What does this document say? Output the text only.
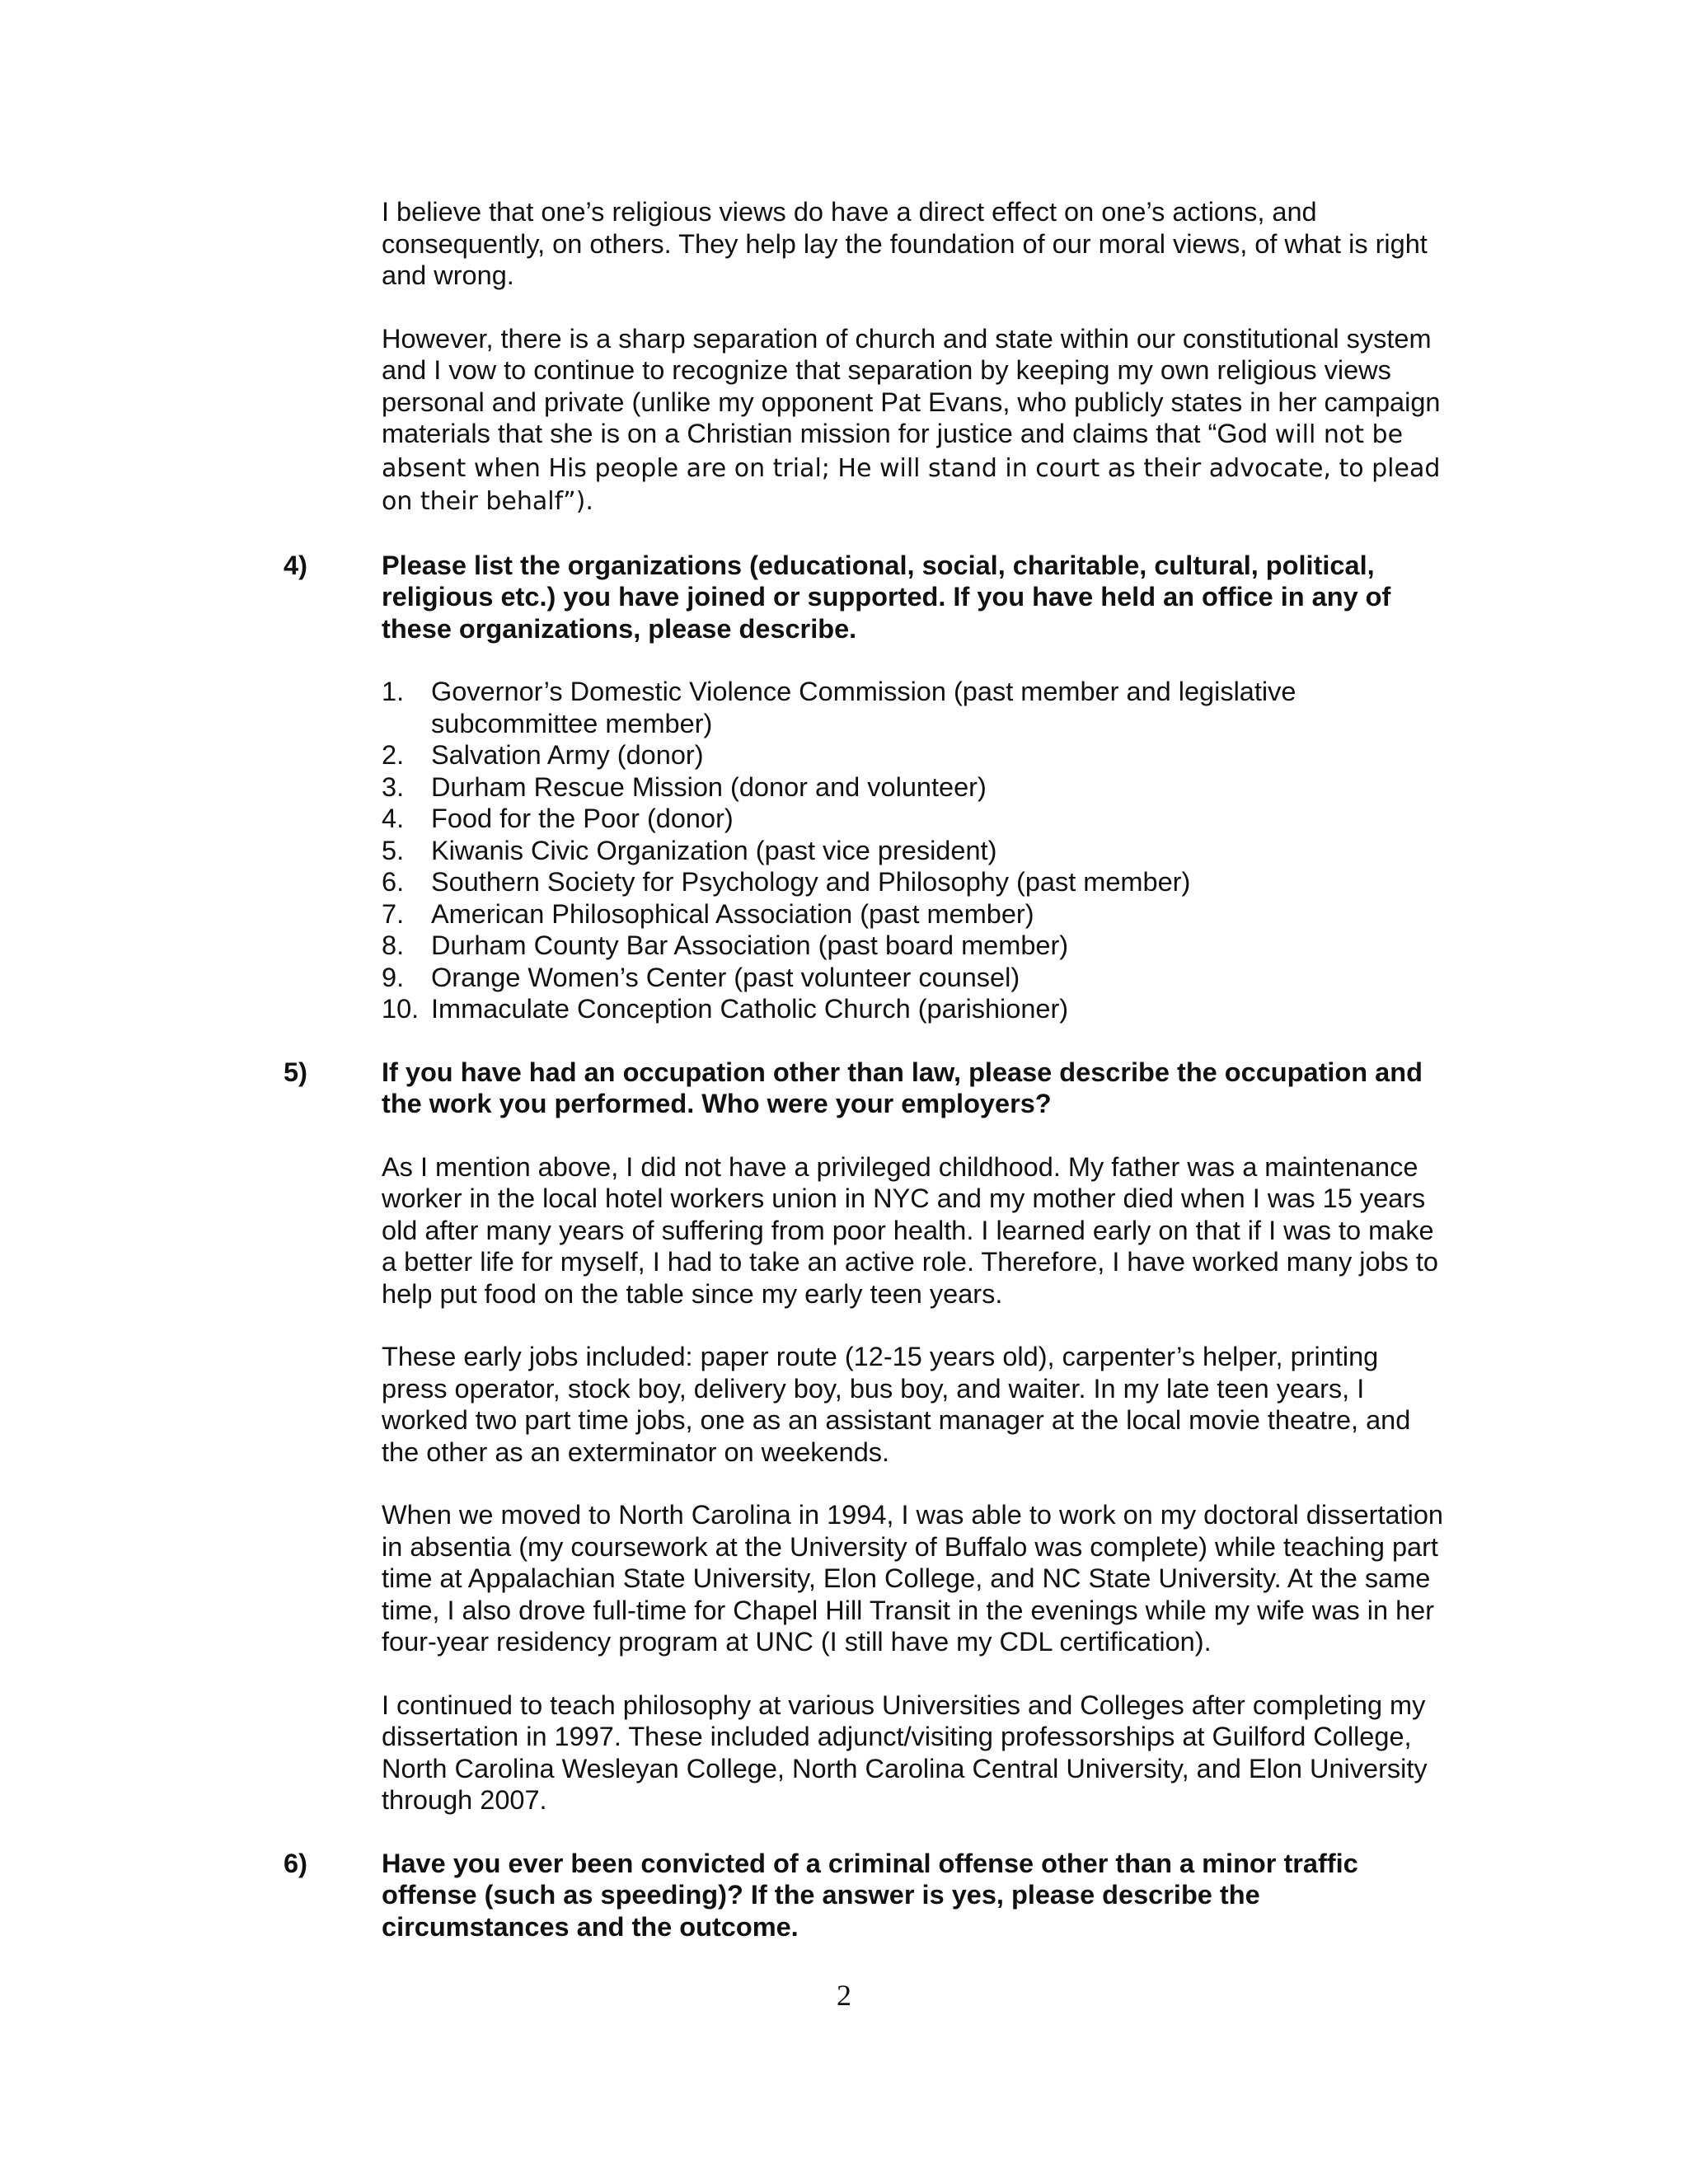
I believe that one’s religious views do have a direct effect on one’s actions, and consequently, on others. They help lay the foundation of our moral views, of what is right and wrong.

However, there is a sharp separation of church and state within our constitutional system and I vow to continue to recognize that separation by keeping my own religious views personal and private (unlike my opponent Pat Evans, who publicly states in her campaign materials that she is on a Christian mission for justice and claims that “God will not be absent when His people are on trial; He will stand in court as their advocate, to plead on their behalf”).

4)	Please list the organizations (educational, social, charitable, cultural, political, religious etc.) you have joined or supported. If you have held an office in any of these organizations, please describe.
1. Governor’s Domestic Violence Commission (past member and legislative subcommittee member)
2. Salvation Army (donor)
3. Durham Rescue Mission (donor and volunteer)
4. Food for the Poor (donor)
5. Kiwanis Civic Organization (past vice president)
6. Southern Society for Psychology and Philosophy (past member)
7. American Philosophical Association (past member)
8. Durham County Bar Association (past board member)
9. Orange Women’s Center (past volunteer counsel)
10. Immaculate Conception Catholic Church (parishioner)
5)	If you have had an occupation other than law, please describe the occupation and the work you performed. Who were your employers?

As I mention above, I did not have a privileged childhood. My father was a maintenance worker in the local hotel workers union in NYC and my mother died when I was 15 years old after many years of suffering from poor health. I learned early on that if I was to make a better life for myself, I had to take an active role. Therefore, I have worked many jobs to help put food on the table since my early teen years.

These early jobs included: paper route (12-15 years old), carpenter’s helper, printing press operator, stock boy, delivery boy, bus boy, and waiter. In my late teen years, I worked two part time jobs, one as an assistant manager at the local movie theatre, and the other as an exterminator on weekends.

When we moved to North Carolina in 1994, I was able to work on my doctoral dissertation in absentia (my coursework at the University of Buffalo was complete) while teaching part time at Appalachian State University, Elon College, and NC State University. At the same time, I also drove full-time for Chapel Hill Transit in the evenings while my wife was in her four-year residency program at UNC (I still have my CDL certification).

I continued to teach philosophy at various Universities and Colleges after completing my dissertation in 1997. These included adjunct/visiting professorships at Guilford College, North Carolina Wesleyan College, North Carolina Central University, and Elon University through 2007.

6)	Have you ever been convicted of a criminal offense other than a minor traffic offense (such as speeding)? If the answer is yes, please describe the circumstances and the outcome.
2
